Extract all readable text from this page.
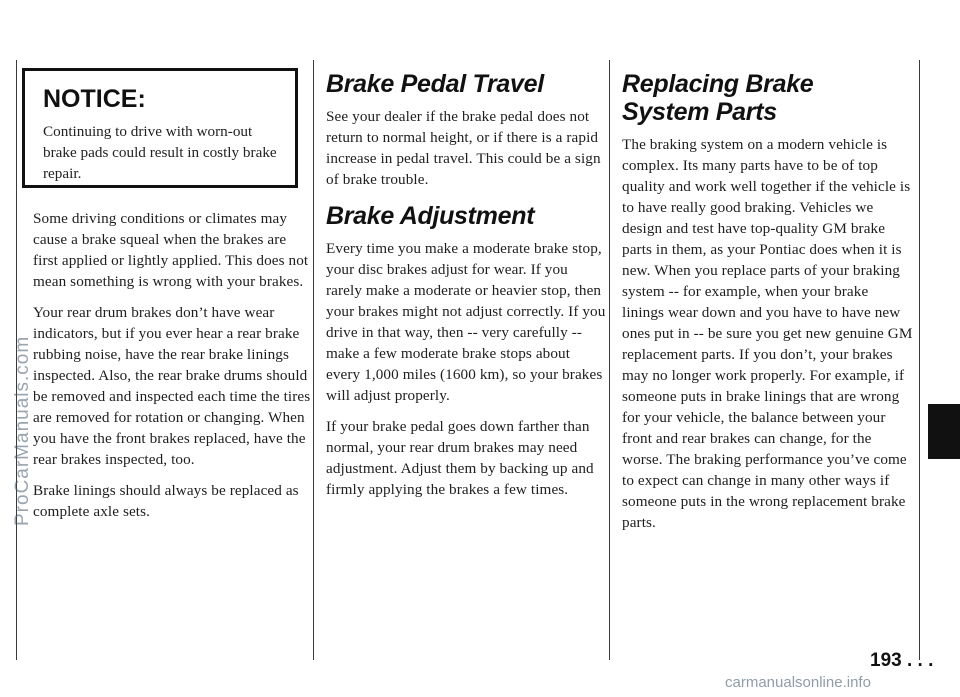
NOTICE:
Continuing to drive with worn-out brake pads could result in costly brake repair.

Some driving conditions or climates may cause a brake squeal when the brakes are first applied or lightly applied. This does not mean something is wrong with your brakes.

Your rear drum brakes don’t have wear indicators, but if you ever hear a rear brake rubbing noise, have the rear brake linings inspected. Also, the rear brake drums should be removed and inspected each time the tires are removed for rotation or changing. When you have the front brakes replaced, have the rear brakes inspected, too.

Brake linings should always be replaced as complete axle sets.

Brake Pedal Travel

See your dealer if the brake pedal does not return to normal height, or if there is a rapid increase in pedal travel. This could be a sign of brake trouble.

Brake Adjustment

Every time you make a moderate brake stop, your disc brakes adjust for wear. If you rarely make a moderate or heavier stop, then your brakes might not adjust correctly. If you drive in that way, then -- very carefully -- make a few moderate brake stops about every 1,000 miles (1600 km), so your brakes will adjust properly.

If your brake pedal goes down farther than normal, your rear drum brakes may need adjustment. Adjust them by backing up and firmly applying the brakes a few times.

Replacing Brake System Parts

The braking system on a modern vehicle is complex. Its many parts have to be of top quality and work well together if the vehicle is to have really good braking. Vehicles we design and test have top-quality GM brake parts in them, as your Pontiac does when it is new. When you replace parts of your braking system -- for example, when your brake linings wear down and you have to have new ones put in -- be sure you get new genuine GM replacement parts. If you don’t, your brakes may no longer work properly. For example, if someone puts in brake linings that are wrong for your vehicle, the balance between your front and rear brakes can change, for the worse. The braking performance you’ve come to expect can change in many other ways if someone puts in the wrong replacement brake parts.

193 . . .
ProCarManuals.com
carmanualsonline.info
